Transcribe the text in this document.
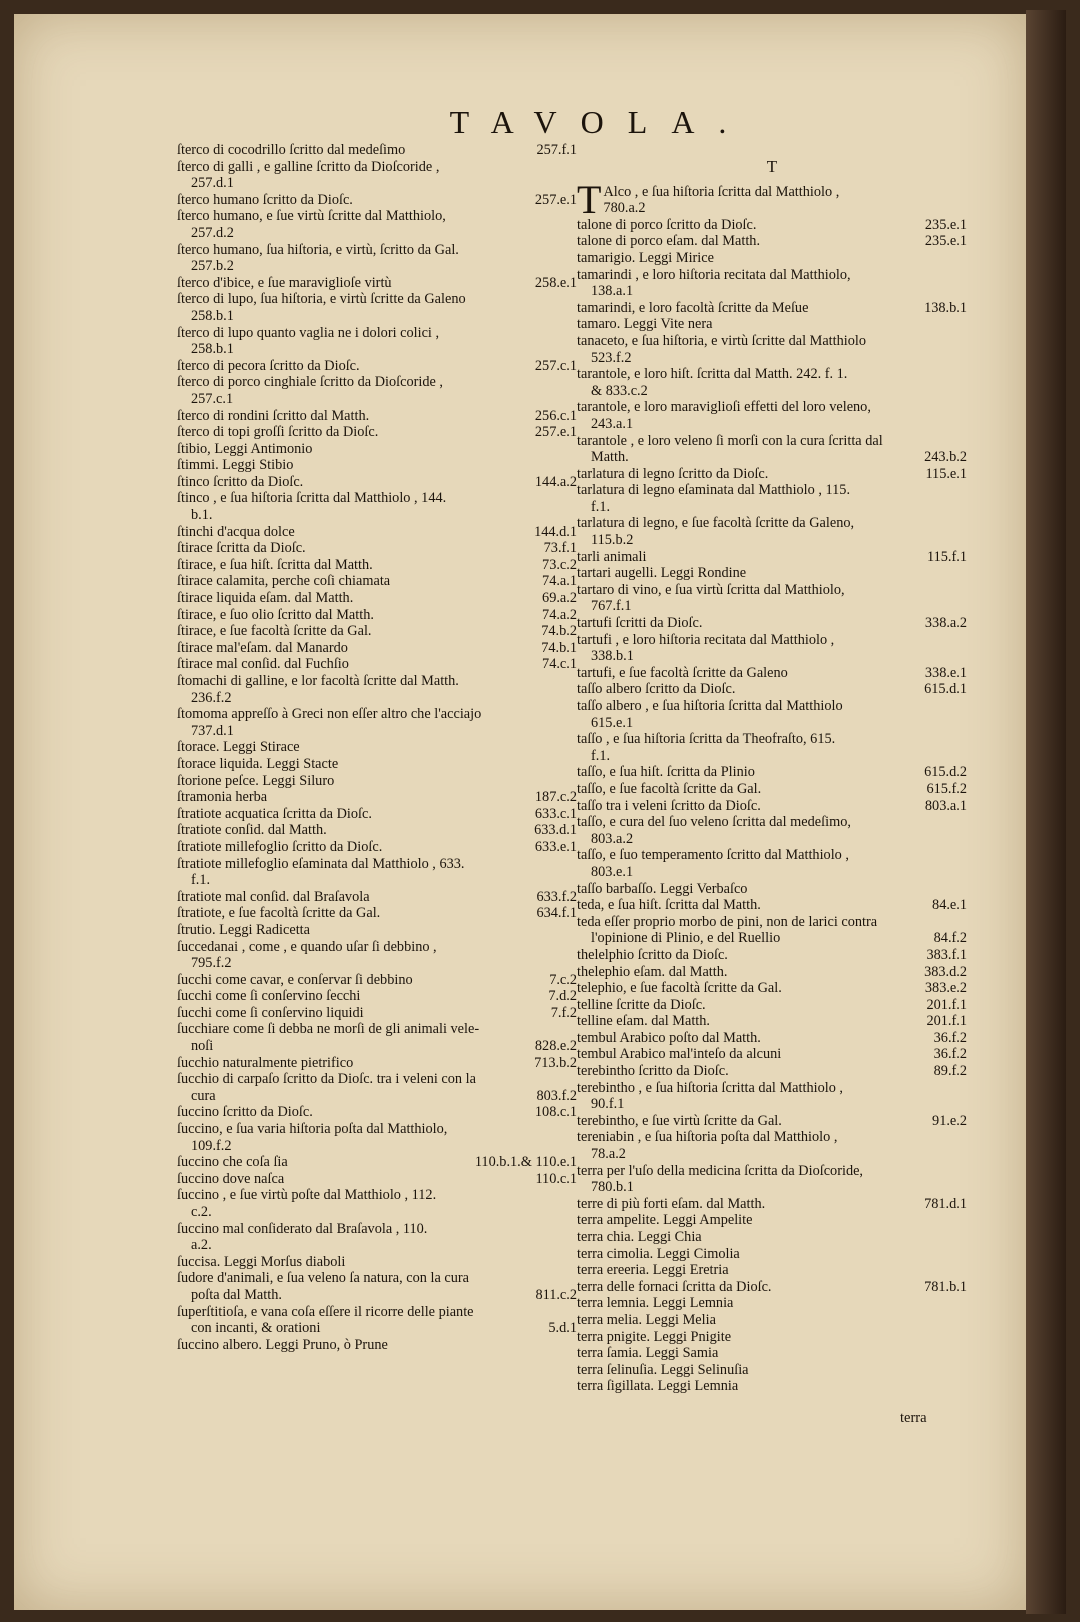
TAVOLA.
ſterco di cocodrillo ſcritto dal medeſimo	257.f.1
ſterco di galli , e galline ſcritto da Dioſcoride ,
257.d.1
ſterco humano ſcritto da Dioſc.	257.e.1
ſterco humano, e ſue virtù ſcritte dal Matthiolo,
257.d.2
ſterco humano, ſua hiſtoria, e virtù, ſcritto da Gal.
257.b.2
ſterco d'ibice, e ſue maraviglioſe virtù	258.e.1
ſterco di lupo, ſua hiſtoria, e virtù ſcritte da Galeno
258.b.1
ſterco di lupo quanto vaglia ne i dolori colici ,
258.b.1
ſterco di pecora ſcritto da Dioſc.	257.c.1
ſterco di porco cinghiale ſcritto da Dioſcoride ,
257.c.1
ſterco di rondini ſcritto dal Matth.	256.c.1
ſterco di topi groſſi ſcritto da Dioſc.	257.e.1
ſtibio, Leggi Antimonio
ſtimmi. Leggi Stibio
ſtinco ſcritto da Dioſc.	144.a.2
ſtinco , e ſua hiſtoria ſcritta dal Matthiolo , 144.
b.1.
ſtinchi d'acqua dolce	144.d.1
ſtirace ſcritta da Dioſc.	73.f.1
ſtirace, e ſua hiſt. ſcritta dal Matth.	73.c.2
ſtirace calamita, perche coſi chiamata	74.a.1
ſtirace liquida eſam. dal Matth.	69.a.2
ſtirace, e ſuo olio ſcritto dal Matth.	74.a.2
ſtirace, e ſue facoltà ſcritte da Gal.	74.b.2
ſtirace mal'eſam. dal Manardo	74.b.1
ſtirace mal conſid. dal Fuchſio	74.c.1
ſtomachi di galline, e lor facoltà ſcritte dal Matth.
236.f.2
ſtomoma appreſſo à Greci non eſſer altro che l'acciajo
737.d.1
ſtorace. Leggi Stirace
ſtorace liquida. Leggi Stacte
ſtorione peſce. Leggi Siluro
ſtramonia herba	187.c.2
ſtratiote acquatica ſcritta da Dioſc.	633.c.1
ſtratiote conſid. dal Matth.	633.d.1
ſtratiote millefoglio ſcritto da Dioſc.	633.e.1
ſtratiote millefoglio eſaminata dal Matthiolo , 633.
f.1.
ſtratiote mal conſid. dal Braſavola	633.f.2
ſtratiote, e ſue facoltà ſcritte da Gal.	634.f.1
ſtrutio. Leggi Radicetta
ſuccedanai , come , e quando uſar ſi debbino ,
795.f.2
ſucchi come cavar, e conſervar ſi debbino	7.c.2
ſucchi come ſi conſervino ſecchi	7.d.2
ſucchi come ſi conſervino liquidi	7.f.2
ſucchiare come ſi debba ne morſi de gli animali vele-
noſi	828.e.2
ſucchio naturalmente pietrifico	713.b.2
ſucchio di carpaſo ſcritto da Dioſc. tra i veleni con la
cura	803.f.2
ſuccino ſcritto da Dioſc.	108.c.1
ſuccino, e ſua varia hiſtoria poſta dal Matthiolo,
109.f.2
ſuccino che coſa ſia	110.b.1.& 110.e.1
ſuccino dove naſca	110.c.1
ſuccino , e ſue virtù poſte dal Matthiolo , 112.
c.2.
ſuccino mal conſiderato dal Braſavola , 110.
a.2.
ſuccisa. Leggi Morſus diaboli
ſudore d'animali, e ſua veleno ſa natura, con la cura
poſta dal Matth.	811.c.2
ſuperſtitioſa, e vana coſa eſſere il ricorre delle piante
con incanti, & orationi	5.d.1
ſuccino albero. Leggi Pruno, ò Prune
T
T Alco , e ſua hiſtoria ſcritta dal Matthiolo ,
780.a.2
talone di porco ſcritto da Dioſc.	235.e.1
talone di porco eſam. dal Matth.	235.e.1
tamarigio. Leggi Mirice
tamarindi , e loro hiſtoria recitata dal Matthiolo,
138.a.1
tamarindi, e loro facoltà ſcritte da Meſue	138.b.1
tamaro. Leggi Vite nera
tanaceto, e ſua hiſtoria, e virtù ſcritte dal Matthiolo
523.f.2
tarantole, e loro hiſt. ſcritta dal Matth. 242. f. 1.
& 833.c.2
tarantole, e loro maraviglioſi effetti del loro veleno,
243.a.1
tarantole , e loro veleno ſi morſi con la cura ſcritta dal
Matth.	243.b.2
tarlatura di legno ſcritto da Dioſc.	115.e.1
tarlatura di legno eſaminata dal Matthiolo , 115.
f.1.
tarlatura di legno, e ſue facoltà ſcritte da Galeno,
115.b.2
tarli animali	115.f.1
tartari augelli. Leggi Rondine
tartaro di vino, e ſua virtù ſcritta dal Matthiolo,
767.f.1
tartufi ſcritti da Dioſc.	338.a.2
tartufi , e loro hiſtoria recitata dal Matthiolo ,
338.b.1
tartufi, e ſue facoltà ſcritte da Galeno	338.e.1
taſſo albero ſcritto da Dioſc.	615.d.1
taſſo albero , e ſua hiſtoria ſcritta dal Matthiolo
615.e.1
taſſo , e ſua hiſtoria ſcritta da Theofraſto, 615.
f.1.
taſſo, e ſua hiſt. ſcritta da Plinio	615.d.2
taſſo, e ſue facoltà ſcritte da Gal.	615.f.2
taſſo tra i veleni ſcritto da Dioſc.	803.a.1
taſſo, e cura del ſuo veleno ſcritta dal medeſimo,
803.a.2
taſſo, e ſuo temperamento ſcritto dal Matthiolo ,
803.e.1
taſſo barbaſſo. Leggi Verbaſco
teda, e ſua hiſt. ſcritta dal Matth.	84.e.1
teda eſſer proprio morbo de pini, non de larici contra
l'opinione di Plinio, e del Ruellio	84.f.2
thelelphio ſcritto da Dioſc.	383.f.1
thelephio eſam. dal Matth.	383.d.2
telephio, e ſue facoltà ſcritte da Gal.	383.e.2
telline ſcritte da Dioſc.	201.f.1
telline eſam. dal Matth.	201.f.1
tembul Arabico poſto dal Matth.	36.f.2
tembul Arabico mal'inteſo da alcuni	36.f.2
terebintho ſcritto da Dioſc.	89.f.2
terebintho , e ſua hiſtoria ſcritta dal Matthiolo ,
90.f.1
terebintho, e ſue virtù ſcritte da Gal.	91.e.2
tereniabin , e ſua hiſtoria poſta dal Matthiolo ,
78.a.2
terra per l'uſo della medicina ſcritta da Dioſcoride,
780.b.1
terre di più forti eſam. dal Matth.	781.d.1
terra ampelite. Leggi Ampelite
terra chia. Leggi Chia
terra cimolia. Leggi Cimolia
terra ereeria. Leggi Eretria
terra delle fornaci ſcritta da Dioſc.	781.b.1
terra lemnia. Leggi Lemnia
terra melia. Leggi Melia
terra pnigite. Leggi Pnigite
terra ſamia. Leggi Samia
terra ſelinuſia. Leggi Selinuſia
terra ſigillata. Leggi Lemnia
terra
